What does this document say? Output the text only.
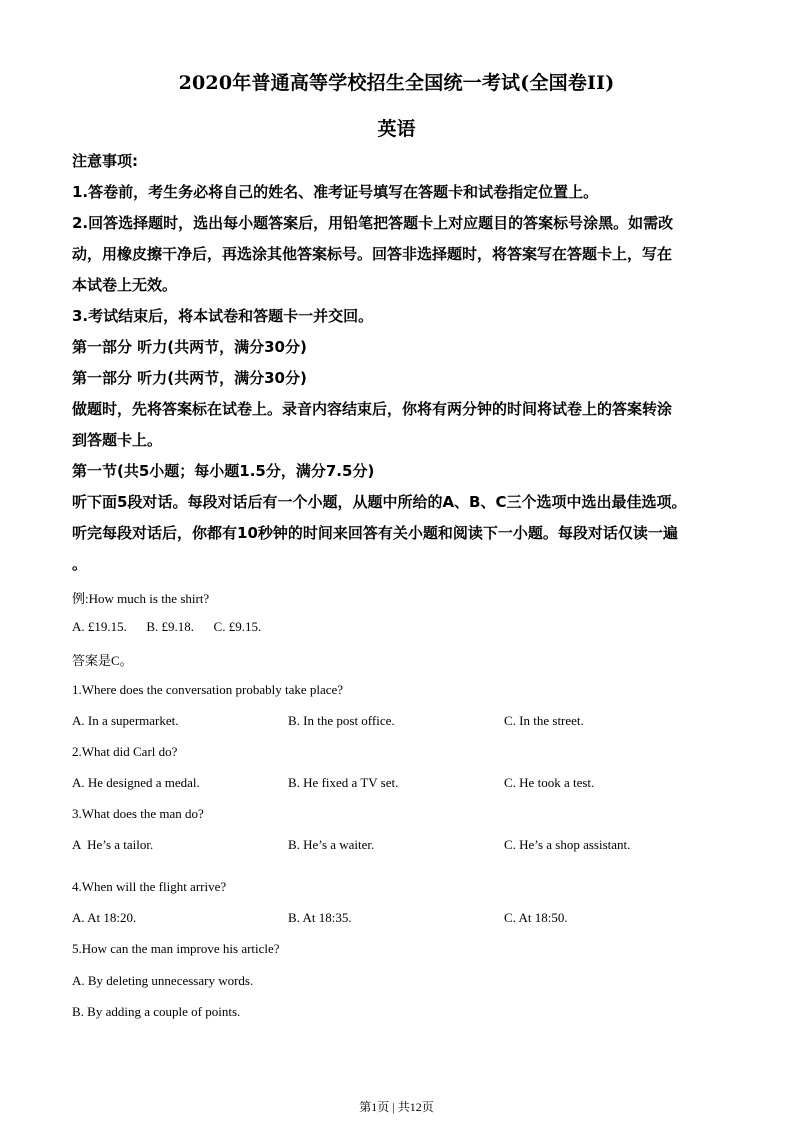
2020年普通高等学校招生全国统一考试(全国卷II)
英语
注意事项:
1.答卷前，考生务必将自己的姓名、准考证号填写在答题卡和试卷指定位置上。
2.回答选择题时，选出每小题答案后，用铅笔把答题卡上对应题目的答案标号涂黑。如需改
动，用橡皮擦干净后，再选涂其他答案标号。回答非选择题时，将答案写在答题卡上，写在
本试卷上无效。
3.考试结束后，将本试卷和答题卡一并交回。
第一部分 听力(共两节，满分30分)
第一部分 听力(共两节，满分30分)
做题时，先将答案标在试卷上。录音内容结束后，你将有两分钟的时间将试卷上的答案转涂
到答题卡上。
第一节(共5小题；每小题1.5分，满分7.5分)
听下面5段对话。每段对话后有一个小题，从题中所给的A、B、C三个选项中选出最佳选项。
听完每段对话后，你都有10秒钟的时间来回答有关小题和阅读下一小题。每段对话仅读一遍
。
例:How much is the shirt?
A. £19.15.      B. £9.18.      C. £9.15.
答案是C。
1.Where does the conversation probably take place?
A. In a supermarket.	B. In the post office.	C. In the street.
2.What did Carl do?
A. He designed a medal.	B. He fixed a TV set.	C. He took a test.
3.What does the man do?
A  He’s a tailor.	B. He’s a waiter.	C. He’s a shop assistant.
4.When will the flight arrive?
A. At 18:20.	B. At 18:35.	C. At 18:50.
5.How can the man improve his article?
A. By deleting unnecessary words.
B. By adding a couple of points.
第1页 | 共12页
